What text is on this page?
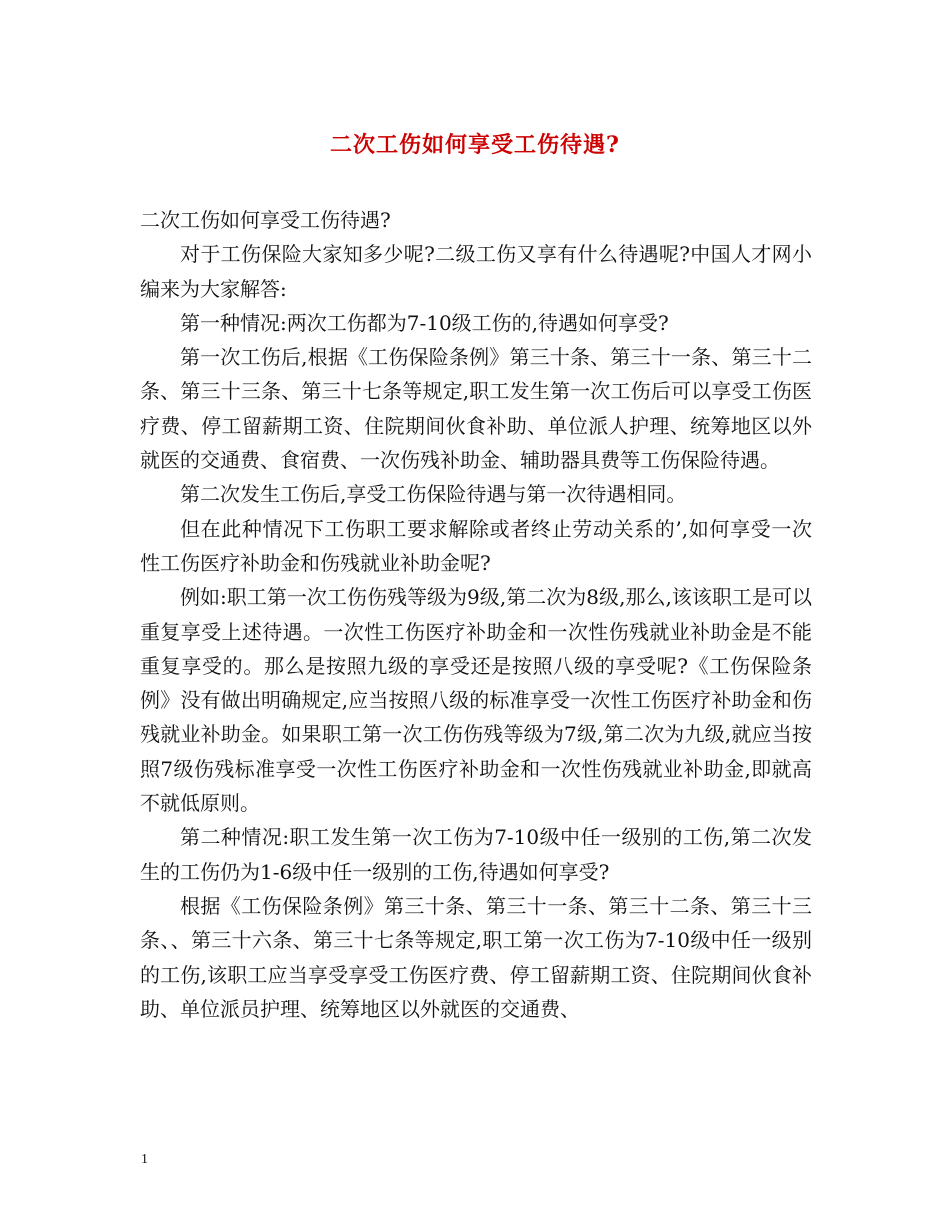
二次工伤如何享受工伤待遇?

二次工伤如何享受工伤待遇?

对于工伤保险大家知多少呢?二级工伤又享有什么待遇呢?中国人才网小编来为大家解答:

第一种情况:两次工伤都为7-10级工伤的,待遇如何享受?

第一次工伤后,根据《工伤保险条例》第三十条、第三十一条、第三十二条、第三十三条、第三十七条等规定,职工发生第一次工伤后可以享受工伤医疗费、停工留薪期工资、住院期间伙食补助、单位派人护理、统筹地区以外就医的交通费、食宿费、一次伤残补助金、辅助器具费等工伤保险待遇。

第二次发生工伤后,享受工伤保险待遇与第一次待遇相同。

但在此种情况下工伤职工要求解除或者终止劳动关系的’,如何享受一次性工伤医疗补助金和伤残就业补助金呢?

例如:职工第一次工伤伤残等级为9级,第二次为8级,那么,该该职工是可以重复享受上述待遇。一次性工伤医疗补助金和一次性伤残就业补助金是不能重复享受的。那么是按照九级的享受还是按照八级的享受呢?《工伤保险条例》没有做出明确规定,应当按照八级的标准享受一次性工伤医疗补助金和伤残就业补助金。如果职工第一次工伤伤残等级为7级,第二次为九级,就应当按照7级伤残标准享受一次性工伤医疗补助金和一次性伤残就业补助金,即就高不就低原则。

第二种情况:职工发生第一次工伤为7-10级中任一级别的工伤,第二次发生的工伤仍为1-6级中任一级别的工伤,待遇如何享受?

根据《工伤保险条例》第三十条、第三十一条、第三十二条、第三十三条、、第三十六条、第三十七条等规定,职工第一次工伤为7-10级中任一级别的工伤,该职工应当享受享受工伤医疗费、停工留薪期工资、住院期间伙食补助、单位派员护理、统筹地区以外就医的交通费、

1
